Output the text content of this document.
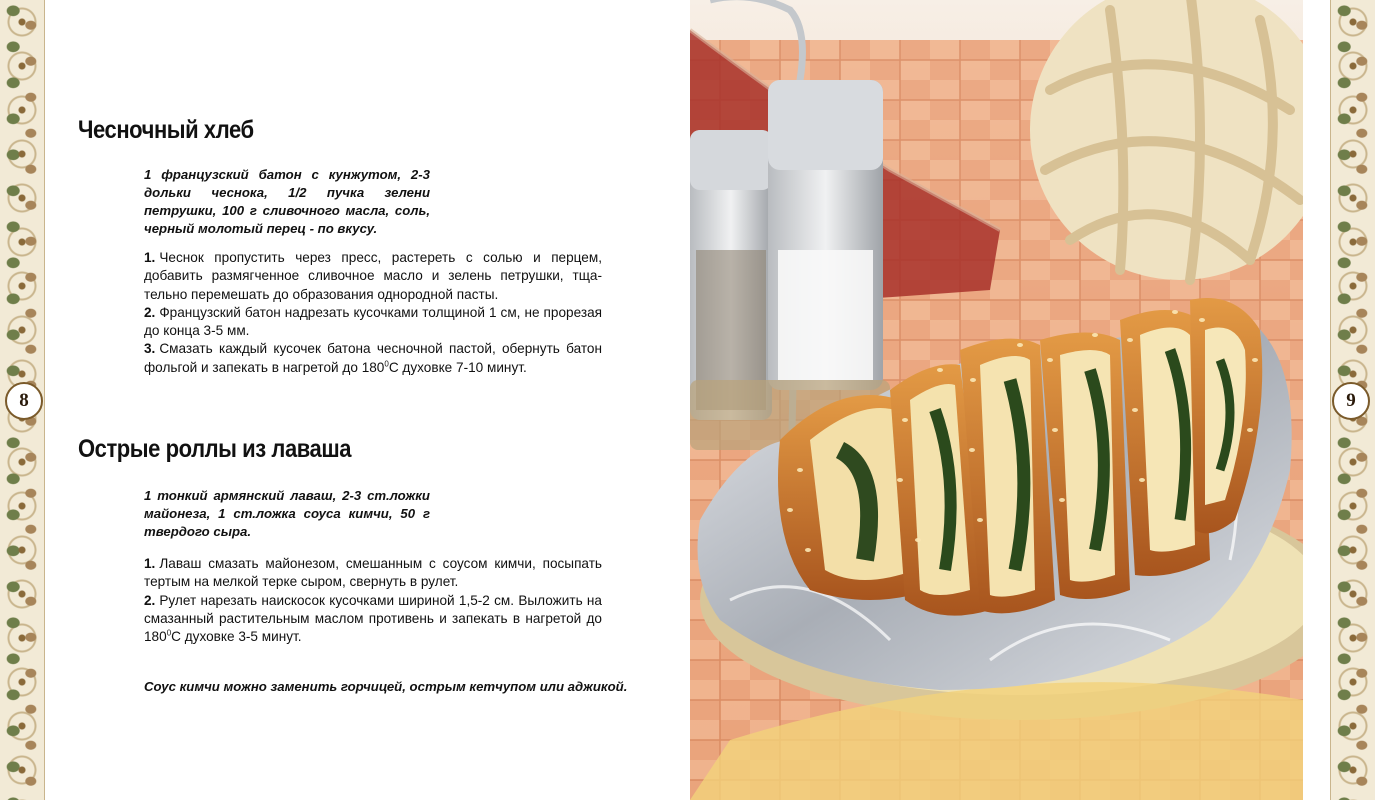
8	9
Чесночный хлеб

1 французский батон с кунжутом, 2-3 дольки чеснока, 1/2 пучка зелени петрушки, 100 г сливочного масла, соль, черный молотый перец - по вкусу.

1. Чеснок пропустить через пресс, растереть с солью и перцем, добавить размягченное сливочное масло и зелень петрушки, тщательно перемешать до образования однородной пасты.
2. Французский батон надрезать кусочками толщиной 1 см, не прорезая до конца 3-5 мм.
3. Смазать каждый кусочек батона чесночной пастой, обернуть батон фольгой и запекать в нагретой до $180^0С$ духовке 7-10 минут.
Острые роллы из лаваша

1 тонкий армянский лаваш, 2-3 ст.ложки майонеза, 1 ст.ложка соуса кимчи, 50 г твердого сыра.

1. Лаваш смазать майонезом, смешанным с соусом кимчи, посыпать тертым на мелкой терке сыром, свернуть в рулет.
2. Рулет нарезать наискосок кусочками шириной 1,5-2 см. Выложить на смазанный растительным маслом противень и запекать в нагретой до $180^0С$ духовке 3-5 минут.

Соус кимчи можно заменить горчицей, острым кетчупом или аджикой.
